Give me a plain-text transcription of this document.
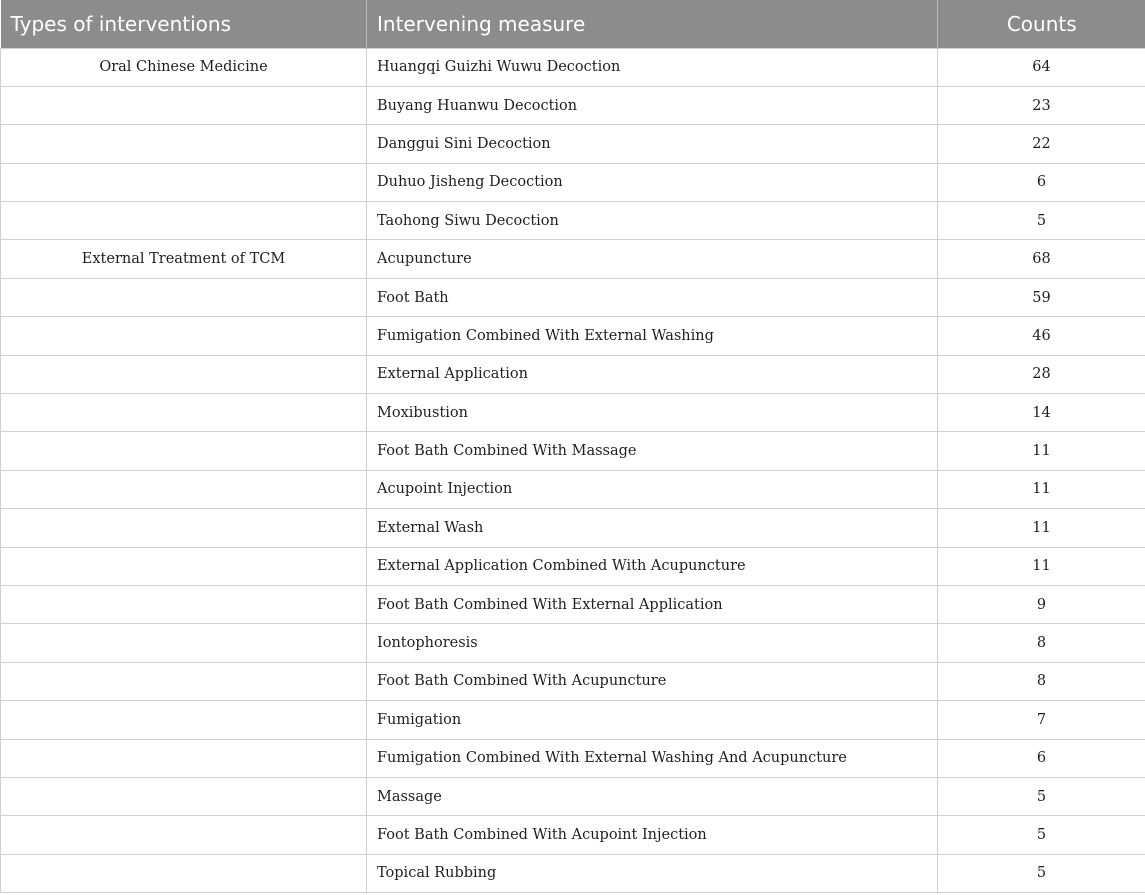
Types of interventions	Intervening measure	Counts
Oral Chinese Medicine	Huangqi Guizhi Wuwu Decoction	64
	Buyang Huanwu Decoction	23
	Danggui Sini Decoction	22
	Duhuo Jisheng Decoction	6
	Taohong Siwu Decoction	5
External Treatment of TCM	Acupuncture	68
	Foot Bath	59
	Fumigation Combined With External Washing	46
	External Application	28
	Moxibustion	14
	Foot Bath Combined With Massage	11
	Acupoint Injection	11
	External Wash	11
	External Application Combined With Acupuncture	11
	Foot Bath Combined With External Application	9
	Iontophoresis	8
	Foot Bath Combined With Acupuncture	8
	Fumigation	7
	Fumigation Combined With External Washing And Acupuncture	6
	Massage	5
	Foot Bath Combined With Acupoint Injection	5
	Topical Rubbing	5
